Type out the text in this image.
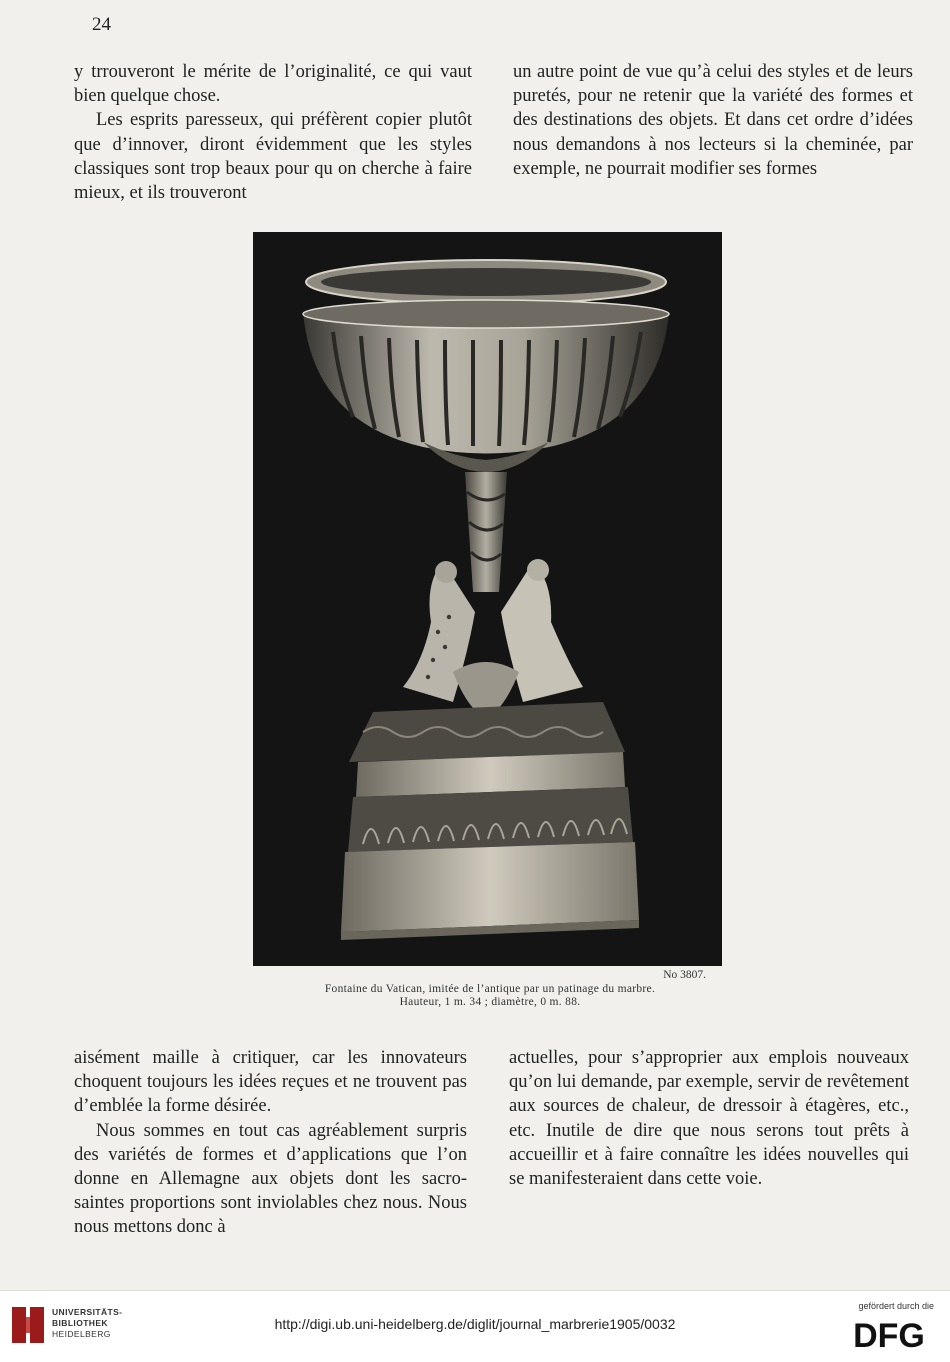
24

y trrouveront le mérite de l’originalité, ce qui vaut bien quelque chose.

Les esprits paresseux, qui préfèrent copier plutôt que d’innover, diront évidemment que les styles classiques sont trop beaux pour qu on cherche à faire mieux, et ils trouveront

un autre point de vue qu’à celui des styles et de leurs puretés, pour ne retenir que la variété des formes et des destinations des objets. Et dans cet ordre d’idées nous demandons à nos lecteurs si la cheminée, par exemple, ne pourrait modifier ses formes

No 3807.
Fontaine du Vatican, imitée de l’antique par un patinage du marbre.
Hauteur, 1 m. 34 ; diamètre, 0 m. 88.

aisément maille à critiquer, car les innovateurs choquent toujours les idées reçues et ne trouvent pas d’emblée la forme désirée.

Nous sommes en tout cas agréablement surpris des variétés de formes et d’applications que l’on donne en Allemagne aux objets dont les sacro-saintes proportions sont inviolables chez nous. Nous nous mettons donc à

actuelles, pour s’approprier aux emplois nouveaux qu’on lui demande, par exemple, servir de revêtement aux sources de chaleur, de dressoir à étagères, etc., etc. Inutile de dire que nous serons tout prêts à accueillir et à faire connaître les idées nouvelles qui se manifesteraient dans cette voie.

UNIVERSITÄTS-
BIBLIOTHEK
HEIDELBERG
http://digi.ub.uni-heidelberg.de/diglit/journal_marbrerie1905/0032
gefördert durch die
DFG
